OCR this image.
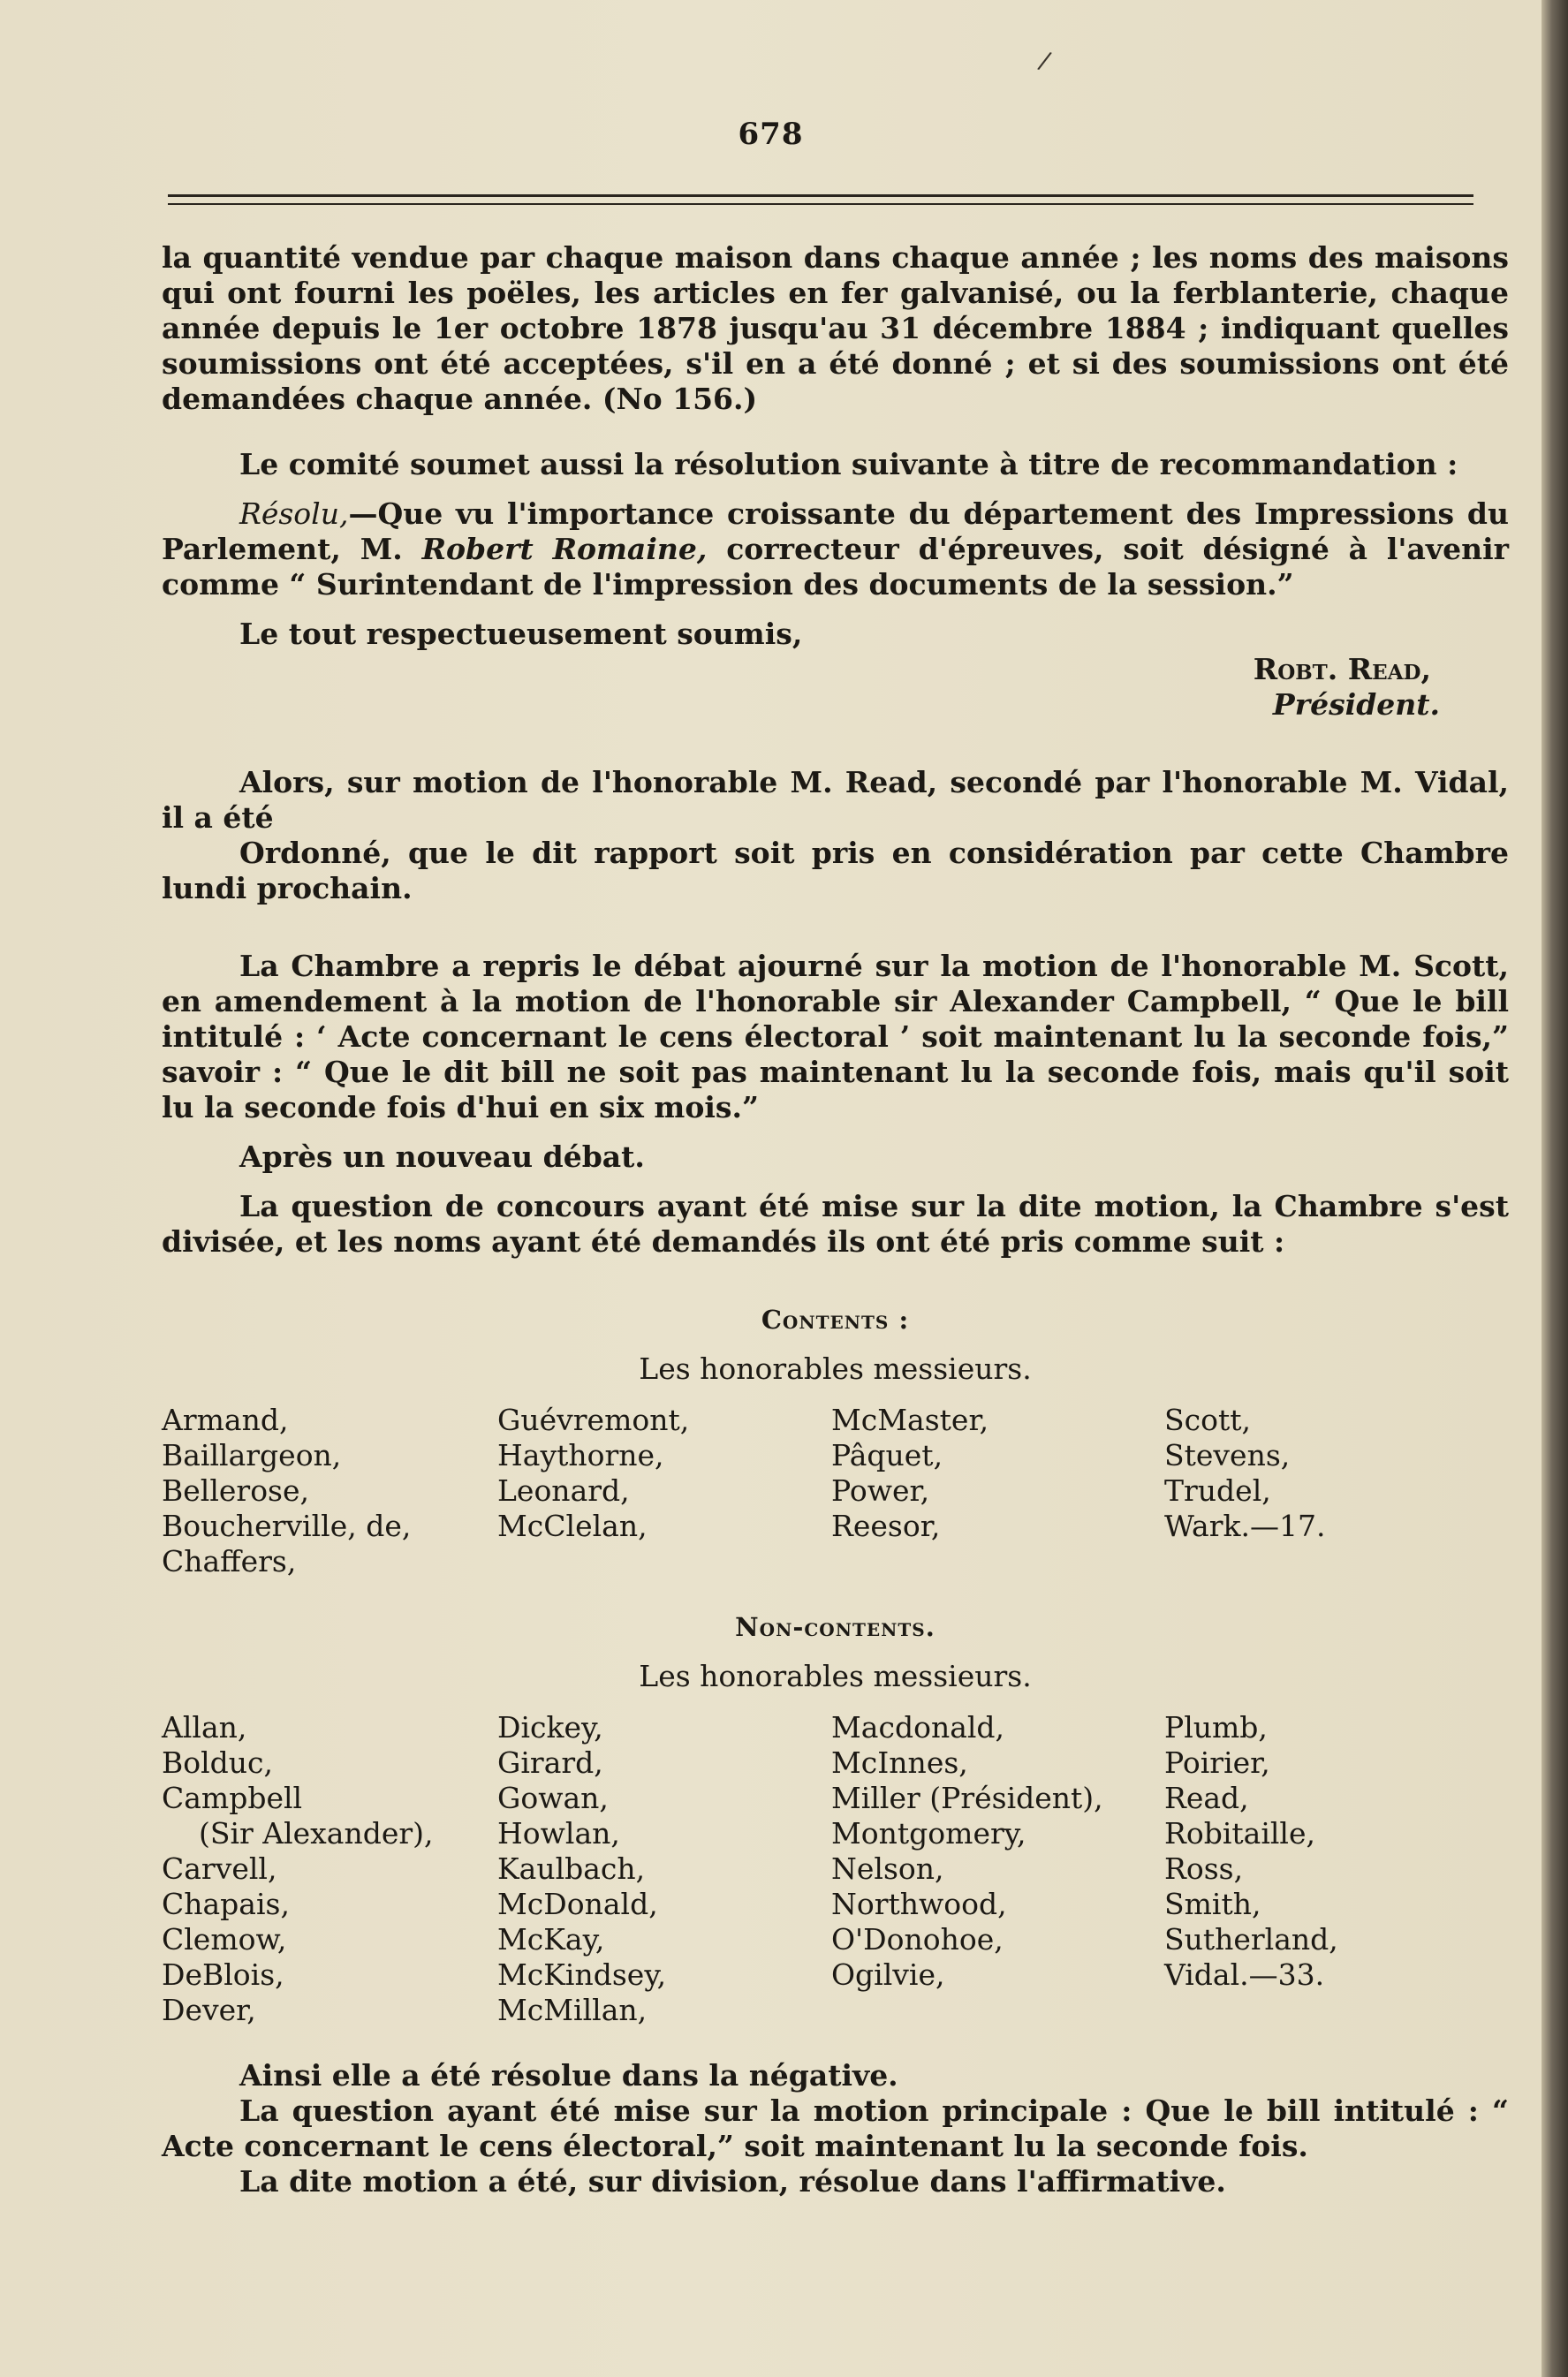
678

la quantité vendue par chaque maison dans chaque année ; les noms des maisons qui ont fourni les poëles, les articles en fer galvanisé, ou la ferblanterie, chaque année depuis le 1er octobre 1878 jusqu'au 31 décembre 1884 ; indiquant quelles soumissions ont été acceptées, s'il en a été donné ; et si des soumissions ont été demandées chaque année. (No 156.)

Le comité soumet aussi la résolution suivante à titre de recommandation :

Résolu,—Que vu l'importance croissante du département des Impressions du Parlement, M. Robert Romaine, correcteur d'épreuves, soit désigné à l'avenir comme “ Surintendant de l'impression des documents de la session.”

Le tout respectueusement soumis,

Robt. Read,

Président.

Alors, sur motion de l'honorable M. Read, secondé par l'honorable M. Vidal, il a été

Ordonné, que le dit rapport soit pris en considération par cette Chambre lundi prochain.

La Chambre a repris le débat ajourné sur la motion de l'honorable M. Scott, en amendement à la motion de l'honorable sir Alexander Campbell, “ Que le bill intitulé : ‘ Acte concernant le cens électoral ’ soit maintenant lu la seconde fois,” savoir : “ Que le dit bill ne soit pas maintenant lu la seconde fois, mais qu'il soit lu la seconde fois d'hui en six mois.”

Après un nouveau débat.

La question de concours ayant été mise sur la dite motion, la Chambre s'est divisée, et les noms ayant été demandés ils ont été pris comme suit :

Contents :
Les honorables messieurs.
Armand,
Baillargeon,
Bellerose,
Boucherville, de,
Chaffers,
Guévremont,
Haythorne,
Leonard,
McClelan,
McMaster,
Pâquet,
Power,
Reesor,
Scott,
Stevens,
Trudel,
Wark.—17.
Non-contents.
Les honorables messieurs.
Allan,
Bolduc,
Campbell
(Sir Alexander),
Carvell,
Chapais,
Clemow,
DeBlois,
Dever,
Dickey,
Girard,
Gowan,
Howlan,
Kaulbach,
McDonald,
McKay,
McKindsey,
McMillan,
Macdonald,
McInnes,
Miller (Président),
Montgomery,
Nelson,
Northwood,
O'Donohoe,
Ogilvie,
Plumb,
Poirier,
Read,
Robitaille,
Ross,
Smith,
Sutherland,
Vidal.—33.

Ainsi elle a été résolue dans la négative.

La question ayant été mise sur la motion principale : Que le bill intitulé : “ Acte concernant le cens électoral,” soit maintenant lu la seconde fois.

La dite motion a été, sur division, résolue dans l'affirmative.

/
